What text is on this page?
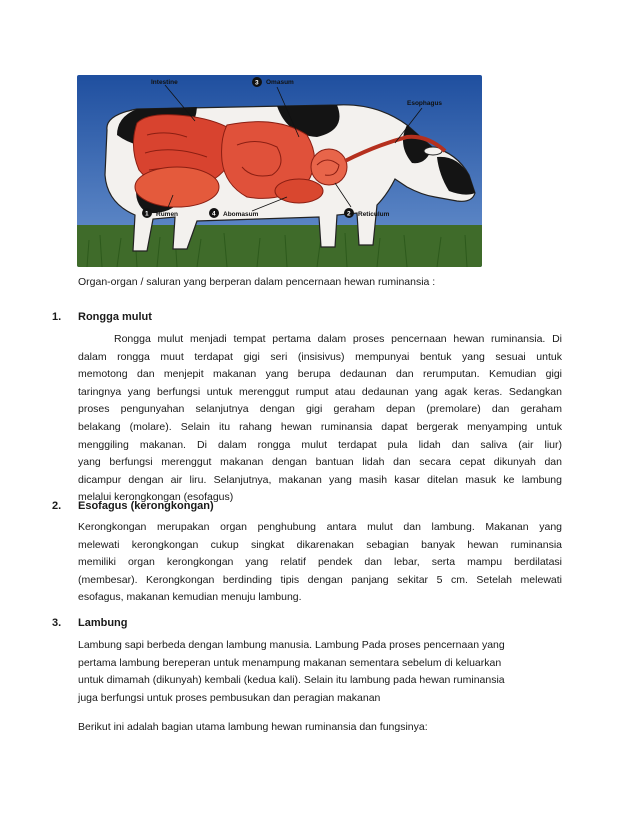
Intestine	3 Omasum
Esophagus
1 Rumen	4 Abomasum	2 Reticulum
Organ-organ / saluran yang berperan dalam pencernaan hewan ruminansia :
1. Rongga mulut
Rongga mulut menjadi tempat pertama dalam proses pencernaan hewan ruminansia. Di
dalam rongga muut terdapat gigi seri (insisivus) mempunyai bentuk yang sesuai untuk
memotong dan menjepit makanan yang berupa dedaunan dan rerumputan. Kemudian gigi
taringnya yang berfungsi untuk merenggut rumput atau dedaunan yang agak keras. Sedangkan
proses pengunyahan selanjutnya dengan gigi geraham depan (premolare) dan geraham
belakang (molare). Selain itu rahang hewan ruminansia dapat bergerak menyamping untuk
menggiling makanan. Di dalam rongga mulut terdapat pula lidah dan saliva (air liur)
yang berfungsi merenggut makanan dengan bantuan lidah dan secara cepat dikunyah dan
dicampur dengan air liru. Selanjutnya, makanan yang masih kasar ditelan masuk ke lambung
melalui kerongkongan (esofagus)
2. Esofagus (kerongkongan)
Kerongkongan merupakan organ penghubung antara mulut dan lambung. Makanan yang
melewati kerongkongan cukup singkat dikarenakan sebagian banyak hewan ruminansia
memiliki organ kerongkongan yang relatif pendek dan lebar, serta mampu berdilatasi
(membesar). Kerongkongan berdinding tipis dengan panjang sekitar 5 cm. Setelah melewati
esofagus, makanan kemudian menuju lambung.
3. Lambung
Lambung sapi berbeda dengan lambung manusia. Lambung Pada proses pencernaan yang
pertama lambung bereperan untuk menampung makanan sementara sebelum di keluarkan
untuk dimamah (dikunyah) kembali (kedua kali). Selain itu lambung pada hewan ruminansia
juga berfungsi untuk proses pembusukan dan peragian makanan
Berikut ini adalah bagian utama lambung hewan ruminansia dan fungsinya:
